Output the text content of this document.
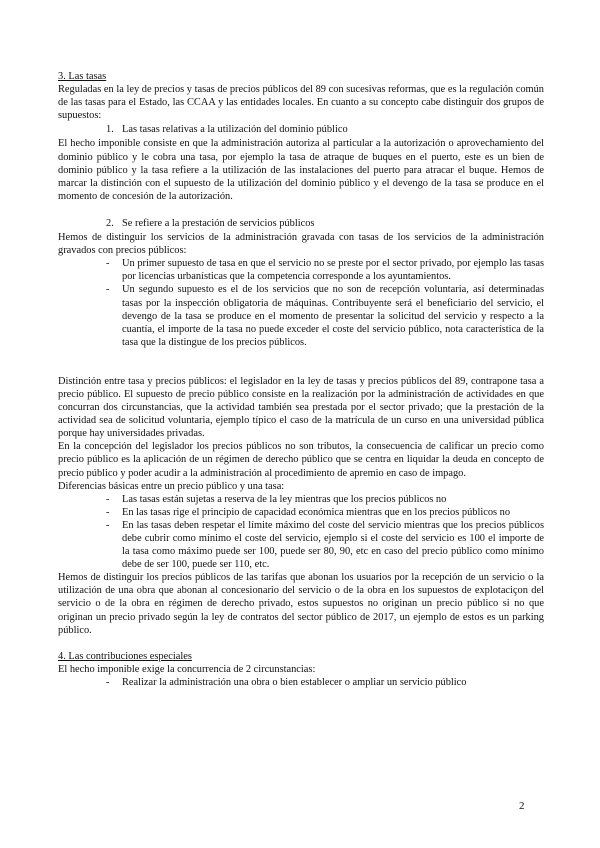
3. Las tasas

Reguladas en la ley de precios y tasas de precios públicos del 89 con sucesivas reformas, que es la regulación común de las tasas para el Estado, las CCAA y las entidades locales. En cuanto a su concepto cabe distinguir dos grupos de supuestos:

1. Las tasas relativas a la utilización del dominio público

El hecho imponible consiste en que la administración autoriza al particular a la autorización o aprovechamiento del dominio público y le cobra una tasa, por ejemplo la tasa de atraque de buques en el puerto, este es un bien de dominio público y la tasa refiere a la utilización de las instalaciones del puerto para atracar el buque. Hemos de marcar la distinción con el supuesto de la utilización del dominio público y el devengo de la tasa se produce en el momento de concesión de la autorización.

2. Se refiere a la prestación de servicios públicos

Hemos de distinguir los servicios de la administración gravada con tasas de los servicios de la administración gravados con precios públicos:

- Un primer supuesto de tasa en que el servicio no se preste por el sector privado, por ejemplo las tasas por licencias urbanísticas que la competencia corresponde a los ayuntamientos.
- Un segundo supuesto es el de los servicios que no son de recepción voluntaria, así determinadas tasas por la inspección obligatoria de máquinas. Contribuyente será el beneficiario del servicio, el devengo de la tasa se produce en el momento de presentar la solicitud del servicio y respecto a la cuantía, el importe de la tasa no puede exceder el coste del servicio público, nota característica de la tasa que la distingue de los precios públicos.

Distinción entre tasa y precios públicos: el legislador en la ley de tasas y precios públicos del 89, contrapone tasa a precio público. El supuesto de precio público consiste en la realización por la administración de actividades en que concurran dos circunstancias, que la actividad también sea prestada por el sector privado; que la prestación de la actividad sea de solicitud voluntaria, ejemplo típico el caso de la matrícula de un curso en una universidad pública porque hay universidades privadas.

En la concepción del legislador los precios públicos no son tributos, la consecuencia de calificar un precio como precio público es la aplicación de un régimen de derecho público que se centra en liquidar la deuda en concepto de precio público y poder acudir a la administración al procedimiento de apremio en caso de impago.

Diferencias básicas entre un precio público y una tasa:

- Las tasas están sujetas a reserva de la ley mientras que los precios públicos no
- En las tasas rige el principio de capacidad económica mientras que en los precios públicos no
- En las tasas deben respetar el límite máximo del coste del servicio mientras que los precios públicos debe cubrir como mínimo el coste del servicio, ejemplo si el coste del servicio es 100 el importe de la tasa como máximo puede ser 100, puede ser 80, 90, etc en caso del precio público como mínimo debe de ser 100, puede ser 110, etc.

Hemos de distinguir los precios públicos de las tarifas que abonan los usuarios por la recepción de un servicio o la utilización de una obra que abonan al concesionario del servicio o de la obra en los supuestos de explotaciçon del servicio o de la obra en régimen de derecho privado, estos supuestos no originan un precio público si no que originan un precio privado según la ley de contratos del sector público de 2017, un ejemplo de estos es un parking público.

4. Las contribuciones especiales

El hecho imponible exige la concurrencia de 2 circunstancias:

- Realizar la administración una obra o bien establecer o ampliar un servicio público
2
